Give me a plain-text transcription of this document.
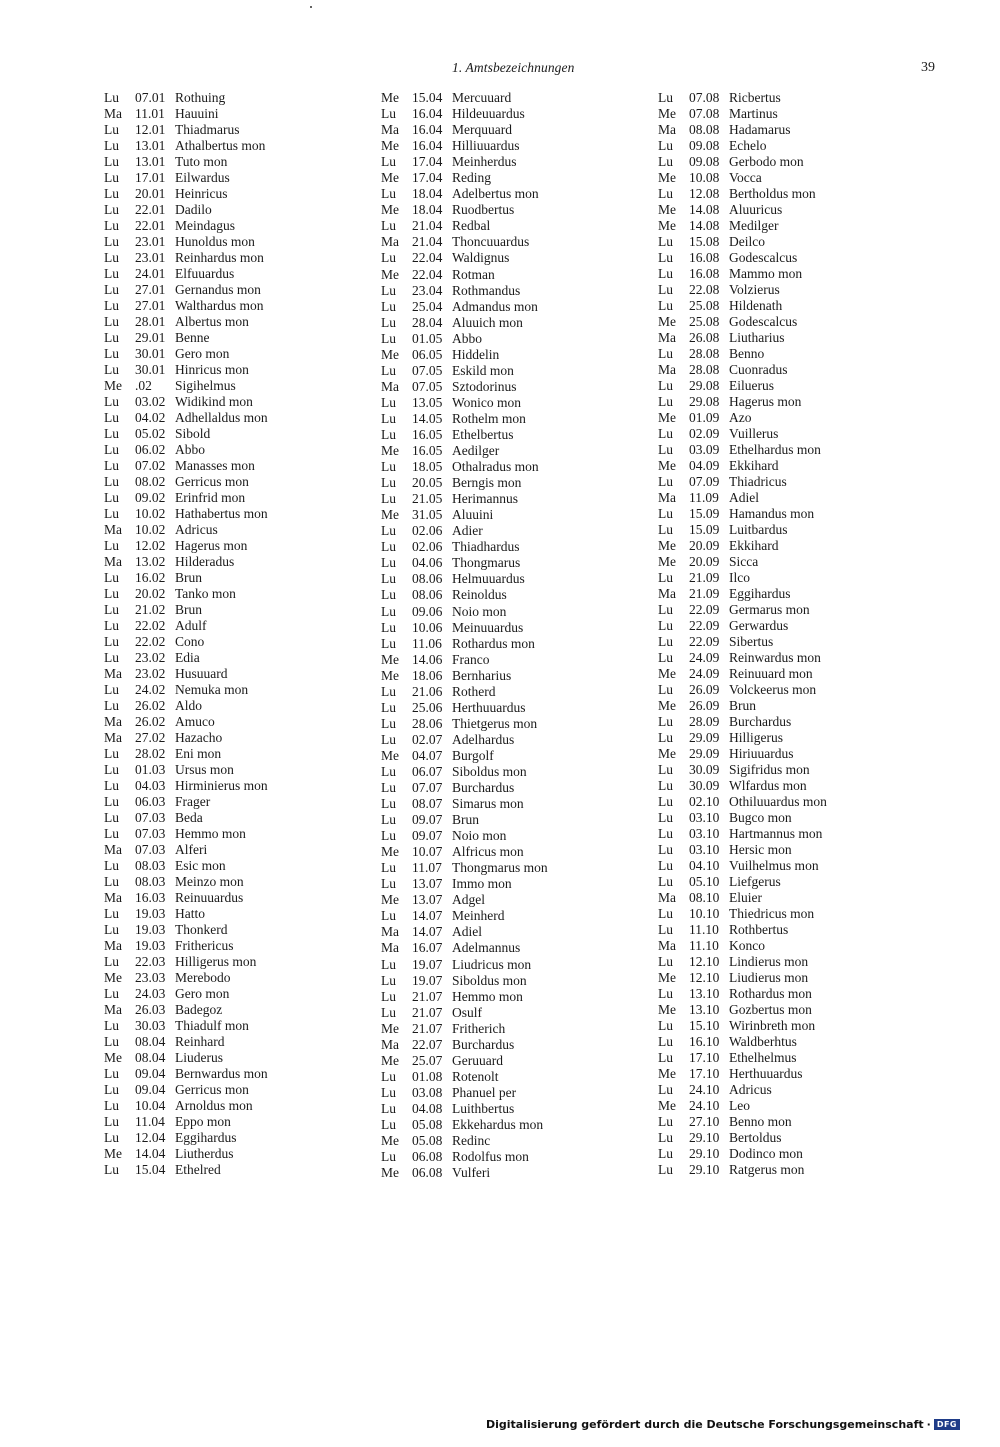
1. Amtsbezeichnungen	39
Lu	07.01 Rothuing
Ma 11.01 Hauuini
Lu	12.01 Thiadmarus
Lu	13.01 Athalbertus mon
Lu	13.01 Tuto mon
Lu	17.01 Eilwardus
Lu	20.01 Heinricus
Lu	22.01 Dadilo
Lu	22.01 Meindagus
Lu	23.01 Hunoldus mon
Lu	23.01 Reinhardus mon
Lu	24.01 Elfuuardus
Lu	27.01 Gernandus mon
Lu	27.01 Walthardus mon
Lu	28.01 Albertus mon
Lu	29.01 Benne
Lu	30.01 Gero mon
Lu	30.01 Hinricus mon
Me .02	Sigihelmus
Lu	03.02 Widikind mon
Lu	04.02 Adhellaldus mon
Lu	05.02 Sibold
Lu	06.02 Abbo
Lu	07.02 Manasses mon
Lu	08.02 Gerricus mon
Lu	09.02 Erinfrid mon
Lu	10.02 Hathabertus mon
Ma 10.02 Adricus
Lu	12.02 Hagerus mon
Ma 13.02 Hilderadus
Lu	16.02 Brun
Lu	20.02 Tanko mon
Lu	21.02 Brun
Lu	22.02 Adulf
Lu	22.02 Cono
Lu	23.02 Edia
Ma 23.02 Husuuard
Lu	24.02 Nemuka mon
Lu	26.02 Aldo
Ma 26.02 Amuco
Ma 27.02 Hazacho
Lu	28.02 Eni mon
Lu	01.03 Ursus mon
Lu	04.03 Hirminierus mon
Lu	06.03 Frager
Lu	07.03 Beda
Lu	07.03 Hemmo mon
Ma 07.03 Alferi
Lu	08.03 Esic mon
Lu	08.03 Meinzo mon
Ma 16.03 Reinuuardus
Lu	19.03 Hatto
Lu	19.03 Thonkerd
Ma 19.03 Frithericus
Lu	22.03 Hilligerus mon
Me 23.03 Merebodo
Lu	24.03 Gero mon
Ma 26.03 Badegoz
Lu	30.03 Thiadulf mon
Lu	08.04 Reinhard
Me 08.04 Liuderus
Lu	09.04 Bernwardus mon
Lu	09.04 Gerricus mon
Lu	10.04 Arnoldus mon
Lu	11.04 Eppo mon
Lu	12.04 Eggihardus
Me 14.04 Liutherdus
Lu	15.04 Ethelred
Me 15.04 Mercuuard
Lu	16.04 Hildeuuardus
Ma 16.04 Merquuard
Me 16.04 Hilliuuardus
Lu	17.04 Meinherdus
Me 17.04 Reding
Lu	18.04 Adelbertus mon
Me 18.04 Ruodbertus
Lu	21.04 Redbal
Ma 21.04 Thoncuuardus
Lu	22.04 Waldignus
Me 22.04 Rotman
Lu	23.04 Rothmandus
Lu	25.04 Admandus mon
Lu	28.04 Aluuich mon
Lu	01.05 Abbo
Me 06.05 Hiddelin
Lu	07.05 Eskild mon
Ma 07.05 Sztodorinus
Lu	13.05 Wonico mon
Lu	14.05 Rothelm mon
Lu	16.05 Ethelbertus
Me 16.05 Aedilger
Lu	18.05 Othalradus mon
Lu	20.05 Berngis mon
Lu	21.05 Herimannus
Me 31.05 Aluuini
Lu	02.06 Adier
Lu	02.06 Thiadhardus
Lu	04.06 Thongmarus
Lu	08.06 Helmuuardus
Lu	08.06 Reinoldus
Lu	09.06 Noio mon
Lu	10.06 Meinuuardus
Lu	11.06 Rothardus mon
Me 14.06 Franco
Me 18.06 Bernharius
Lu	21.06 Rotherd
Lu	25.06 Herthuuardus
Lu	28.06 Thietgerus mon
Lu	02.07 Adelhardus
Me 04.07 Burgolf
Lu	06.07 Siboldus mon
Lu	07.07 Burchardus
Lu	08.07 Simarus mon
Lu	09.07 Brun
Lu	09.07 Noio mon
Me 10.07 Alfricus mon
Lu	11.07 Thongmarus mon
Lu	13.07 Immo mon
Me 13.07 Adgel
Lu	14.07 Meinherd
Ma 14.07 Adiel
Ma 16.07 Adelmannus
Lu	19.07 Liudricus mon
Lu	19.07 Siboldus mon
Lu	21.07 Hemmo mon
Lu	21.07 Osulf
Me 21.07 Fritherich
Ma 22.07 Burchardus
Me 25.07 Geruuard
Lu	01.08 Rotenolt
Lu	03.08 Phanuel per
Lu	04.08 Luithbertus
Lu	05.08 Ekkehardus mon
Me 05.08 Redinc
Lu	06.08 Rodolfus mon
Me 06.08 Vulferi
Lu	07.08 Ricbertus
Me 07.08 Martinus
Ma 08.08 Hadamarus
Lu	09.08 Echelo
Lu	09.08 Gerbodo mon
Me 10.08 Vocca
Lu	12.08 Bertholdus mon
Me 14.08 Aluuricus
Me 14.08 Medilger
Lu	15.08 Deilco
Lu	16.08 Godescalcus
Lu	16.08 Mammo mon
Lu	22.08 Volzierus
Lu	25.08 Hildenath
Me 25.08 Godescalcus
Ma 26.08 Liutharius
Lu	28.08 Benno
Ma 28.08 Cuonradus
Lu	29.08 Eiluerus
Lu	29.08 Hagerus mon
Me 01.09 Azo
Lu	02.09 Vuillerus
Lu	03.09 Ethelhardus mon
Me 04.09 Ekkihard
Lu	07.09 Thiadricus
Ma 11.09 Adiel
Lu	15.09 Hamandus mon
Lu	15.09 Luitbardus
Me 20.09 Ekkihard
Me 20.09 Sicca
Lu	21.09 Ilco
Ma 21.09 Eggihardus
Lu	22.09 Germarus mon
Lu	22.09 Gerwardus
Lu	22.09 Sibertus
Lu	24.09 Reinwardus mon
Me 24.09 Reinuuard mon
Lu	26.09 Volckeerus mon
Me 26.09 Brun
Lu	28.09 Burchardus
Lu	29.09 Hilligerus
Me 29.09 Hiriuuardus
Lu	30.09 Sigifridus mon
Lu	30.09 Wlfardus mon
Lu	02.10 Othiluuardus mon
Lu	03.10 Bugco mon
Lu	03.10 Hartmannus mon
Lu	03.10 Hersic mon
Lu	04.10 Vuilhelmus mon
Lu	05.10 Liefgerus
Ma 08.10 Eluier
Lu	10.10 Thiedricus mon
Lu	11.10 Rothbertus
Ma 11.10 Konco
Lu	12.10 Lindierus mon
Me 12.10 Liudierus mon
Lu	13.10 Rothardus mon
Me 13.10 Gozbertus mon
Lu	15.10 Wirinbreth mon
Lu	16.10 Waldberhtus
Lu	17.10 Ethelhelmus
Me 17.10 Herthuuardus
Lu	24.10 Adricus
Me 24.10 Leo
Lu	27.10 Benno mon
Lu	29.10 Bertoldus
Lu	29.10 Dodinco mon
Lu	29.10 Ratgerus mon
Digitalisierung gefördert durch die Deutsche Forschungsgemeinschaft · DFG
